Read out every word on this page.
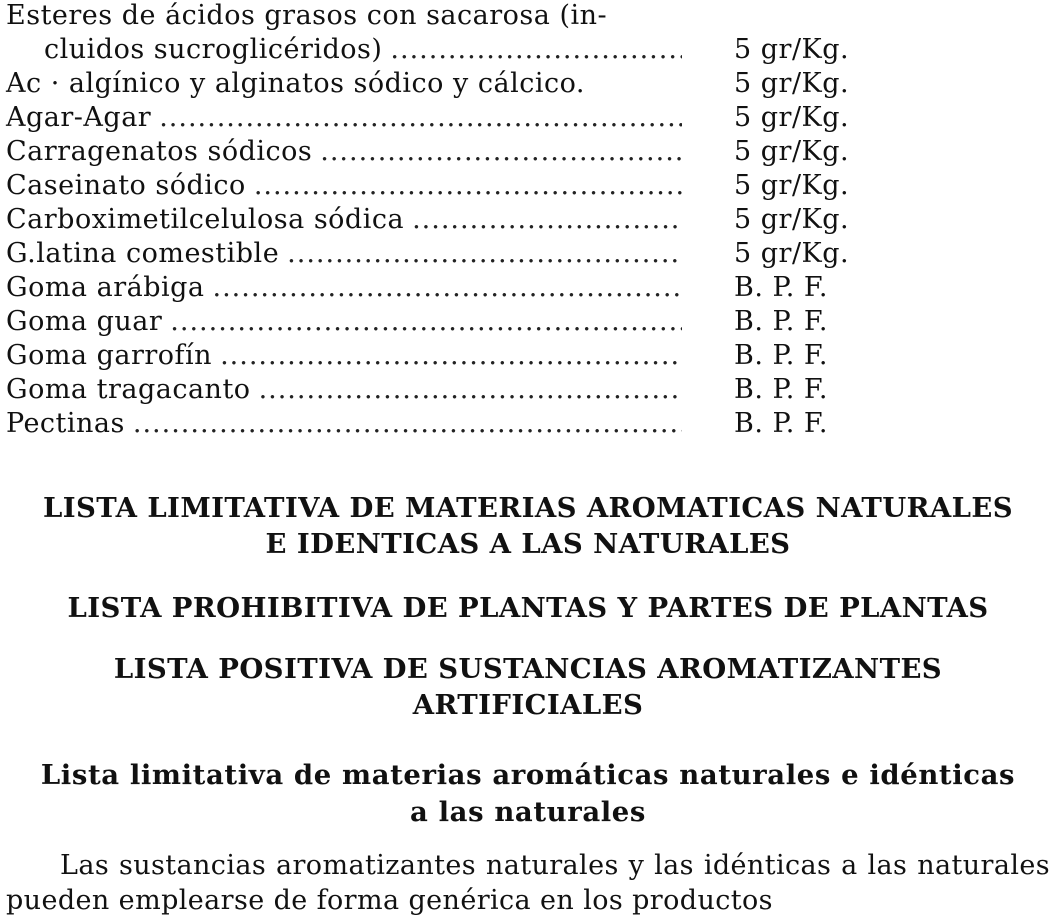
Esteres de ácidos grasos con sacarosa (in-
cluidos sucroglicéridos) .....	5 gr/Kg.
Ac · algínico y alginatos sódico y cálcico.	5 gr/Kg.
Agar-Agar .....	5 gr/Kg.
Carragenatos sódicos .....	5 gr/Kg.
Caseinato sódico .....	5 gr/Kg.
Carboximetilcelulosa sódica .....	5 gr/Kg.
G.latina comestible .....	5 gr/Kg.
Goma arábiga .....	B. P. F.
Goma guar .....	B. P. F.
Goma garrofín .....	B. P. F.
Goma tragacanto .....	B. P. F.
Pectinas .....	B. P. F.
LISTA LIMITATIVA DE MATERIAS AROMATICAS NATURALES
E IDENTICAS A LAS NATURALES
LISTA PROHIBITIVA DE PLANTAS Y PARTES DE PLANTAS
LISTA POSITIVA DE SUSTANCIAS AROMATIZANTES
ARTIFICIALES
Lista limitativa de materias aromáticas naturales e idénticas
a las naturales
Las sustancias aromatizantes naturales y las idénticas a las naturales pueden emplearse de forma genérica en los productos
